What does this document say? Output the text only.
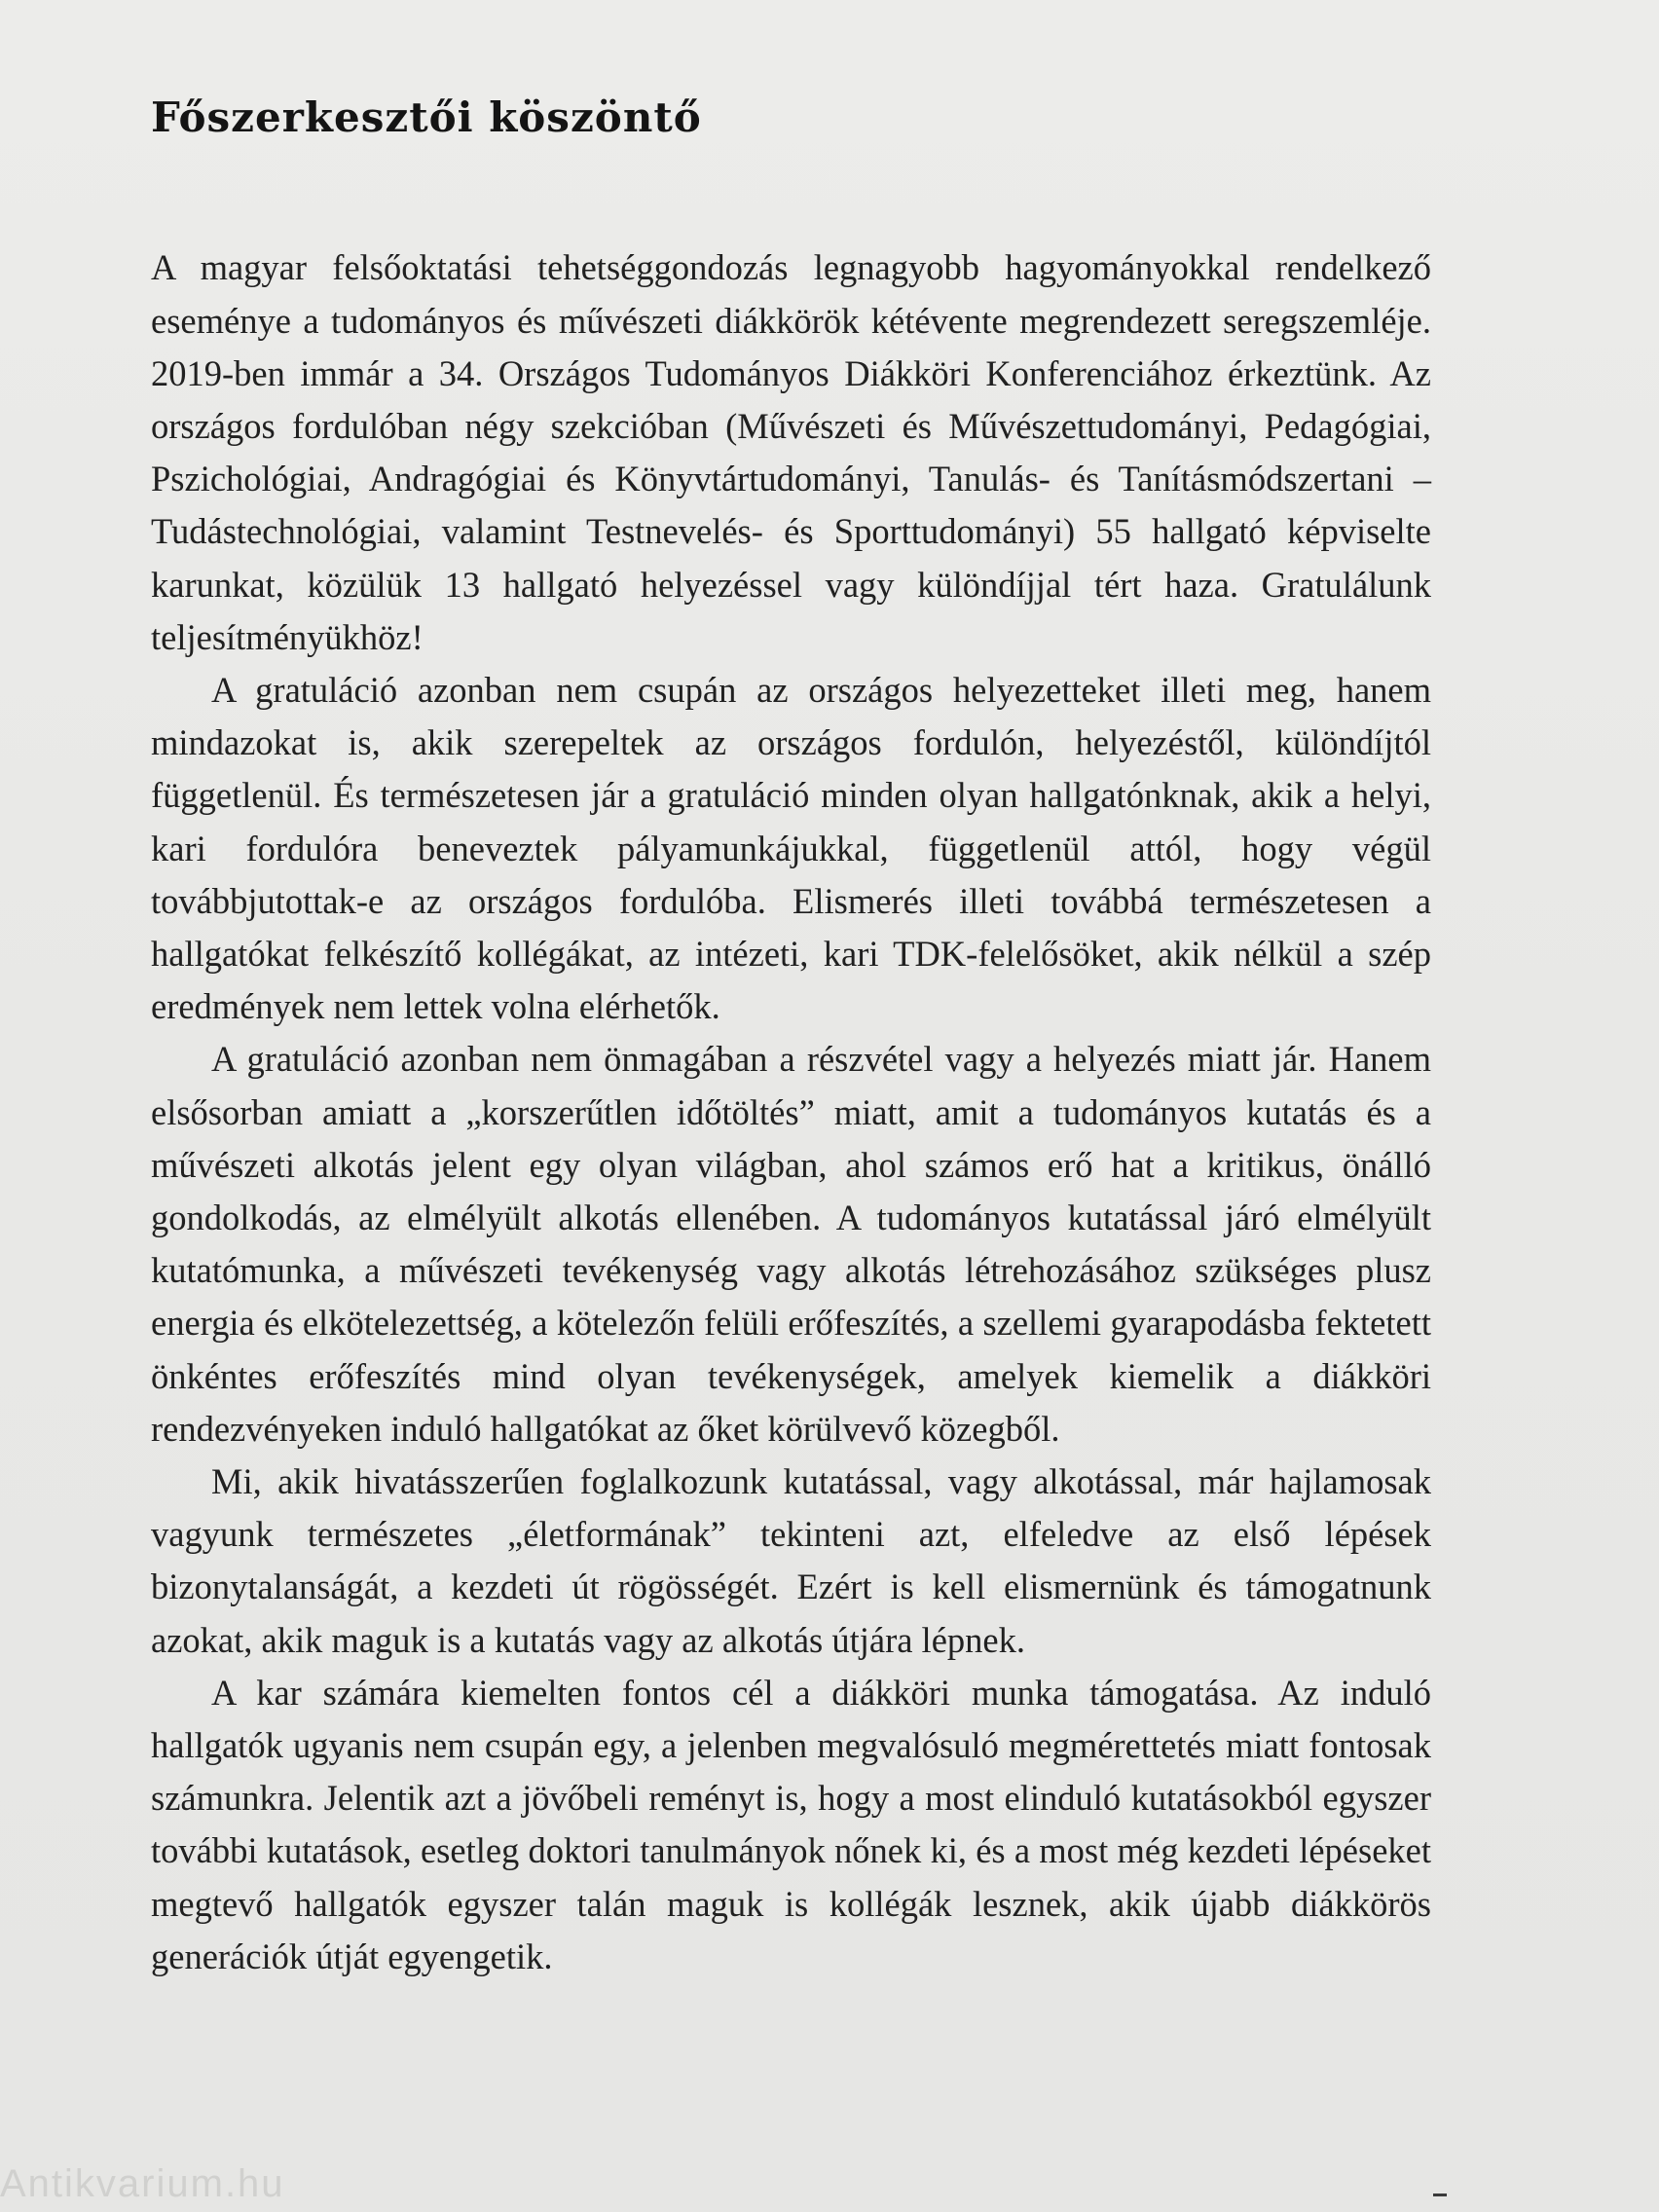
Főszerkesztői köszöntő

A magyar felsőoktatási tehetséggondozás legnagyobb hagyományokkal rendelkező eseménye a tudományos és művészeti diákkörök kétévente megrendezett seregszemléje. 2019-ben immár a 34. Országos Tudományos Diákköri Konferenciához érkeztünk. Az országos fordulóban négy szekcióban (Művészeti és Művészettudományi, Pedagógiai, Pszichológiai, Andragógiai és Könyvtártudományi, Tanulás- és Tanításmódszertani – Tudástechnológiai, valamint Testnevelés- és Sporttudományi) 55 hallgató képviselte karunkat, közülük 13 hallgató helyezéssel vagy különdíjjal tért haza. Gratulálunk teljesítményükhöz!

A gratuláció azonban nem csupán az országos helyezetteket illeti meg, hanem mindazokat is, akik szerepeltek az országos fordulón, helyezéstől, különdíjtól függetlenül. És természetesen jár a gratuláció minden olyan hallgatónknak, akik a helyi, kari fordulóra beneveztek pályamunkájukkal, függetlenül attól, hogy végül továbbjutottak-e az országos fordulóba. Elismerés illeti továbbá természetesen a hallgatókat felkészítő kollégákat, az intézeti, kari TDK-felelősöket, akik nélkül a szép eredmények nem lettek volna elérhetők.

A gratuláció azonban nem önmagában a részvétel vagy a helyezés miatt jár. Hanem elsősorban amiatt a „korszerűtlen időtöltés” miatt, amit a tudományos kutatás és a művészeti alkotás jelent egy olyan világban, ahol számos erő hat a kritikus, önálló gondolkodás, az elmélyült alkotás ellenében. A tudományos kutatással járó elmélyült kutatómunka, a művészeti tevékenység vagy alkotás létrehozásához szükséges plusz energia és elkötelezettség, a kötelezőn felüli erőfeszítés, a szellemi gyarapodásba fektetett önkéntes erőfeszítés mind olyan tevékenységek, amelyek kiemelik a diákköri rendezvényeken induló hallgatókat az őket körülvevő közegből.

Mi, akik hivatásszerűen foglalkozunk kutatással, vagy alkotással, már hajlamosak vagyunk természetes „életformának” tekinteni azt, elfeledve az első lépések bizonytalanságát, a kezdeti út rögösségét. Ezért is kell elismernünk és támogatnunk azokat, akik maguk is a kutatás vagy az alkotás útjára lépnek.

A kar számára kiemelten fontos cél a diákköri munka támogatása. Az induló hallgatók ugyanis nem csupán egy, a jelenben megvalósuló megmérettetés miatt fontosak számunkra. Jelentik azt a jövőbeli reményt is, hogy a most elinduló kutatásokból egyszer további kutatások, esetleg doktori tanulmányok nőnek ki, és a most még kezdeti lépéseket megtevő hallgatók egyszer talán maguk is kollégák lesznek, akik újabb diákkörös generációk útját egyengetik.

Antikvarium.hu
